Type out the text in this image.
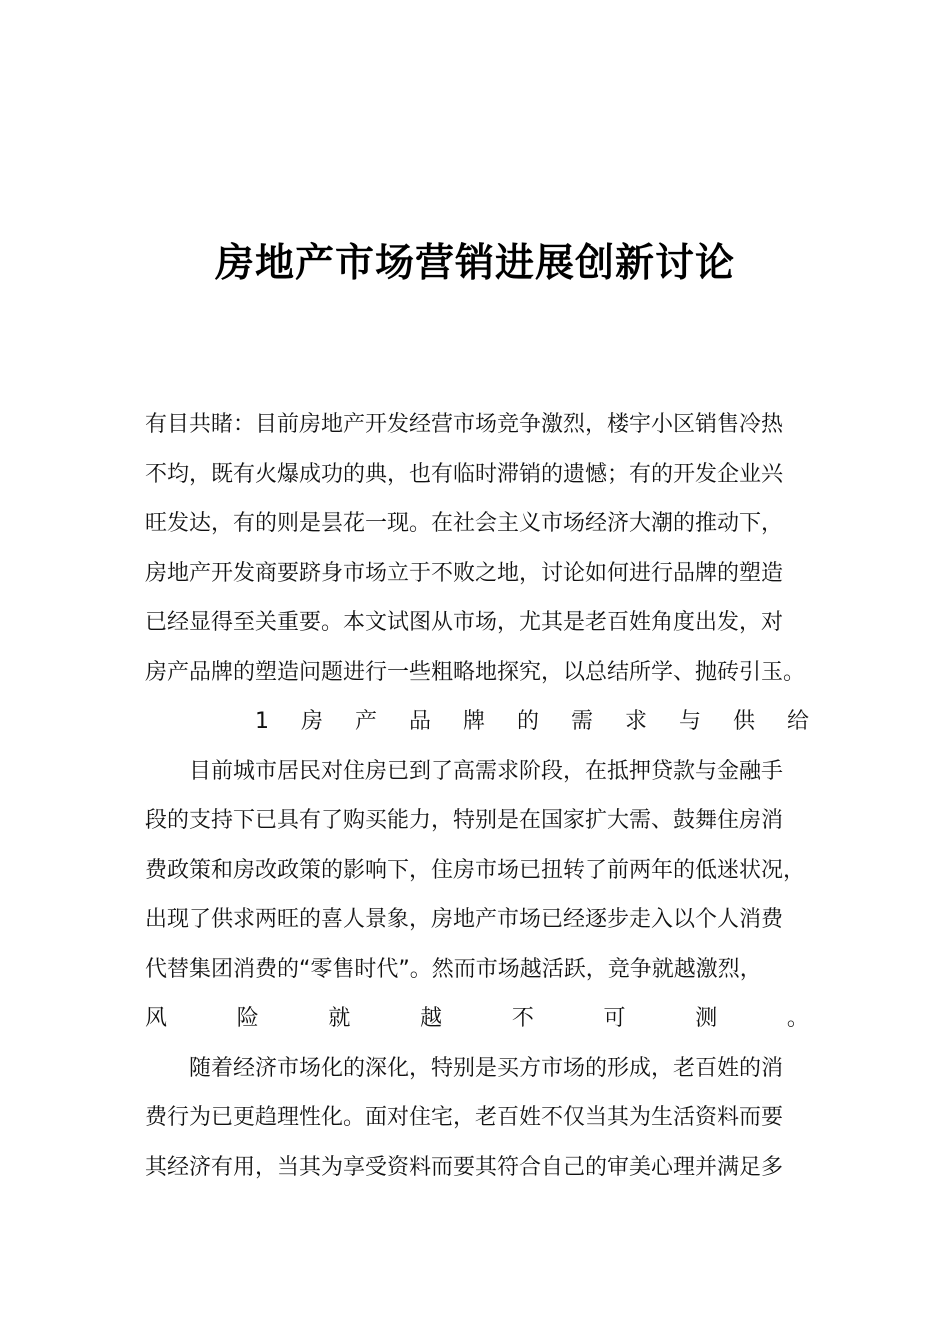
房地产市场营销进展创新讨论
有目共睹：目前房地产开发经营市场竞争激烈，楼宇小区销售冷热
不均，既有火爆成功的典，也有临时滞销的遗憾；有的开发企业兴
旺发达，有的则是昙花一现。在社会主义市场经济大潮的推动下，
房地产开发商要跻身市场立于不败之地，讨论如何进行品牌的塑造
已经显得至关重要。本文试图从市场，尤其是老百姓角度出发，对
房产品牌的塑造问题进行一些粗略地探究，以总结所学、抛砖引玉。
1 房 产 品 牌 的 需 求 与 供 给
目前城市居民对住房已到了高需求阶段，在抵押贷款与金融手
段的支持下已具有了购买能力，特别是在国家扩大需、鼓舞住房消
费政策和房改政策的影响下，住房市场已扭转了前两年的低迷状况，
出现了供求两旺的喜人景象，房地产市场已经逐步走入以个人消费
代替集团消费的“零售时代”。然而市场越活跃，竞争就越激烈，
风	险	就	越	不	可	测	。
随着经济市场化的深化，特别是买方市场的形成，老百姓的消
费行为已更趋理性化。面对住宅，老百姓不仅当其为生活资料而要
其经济有用，当其为享受资料而要其符合自己的审美心理并满足多
